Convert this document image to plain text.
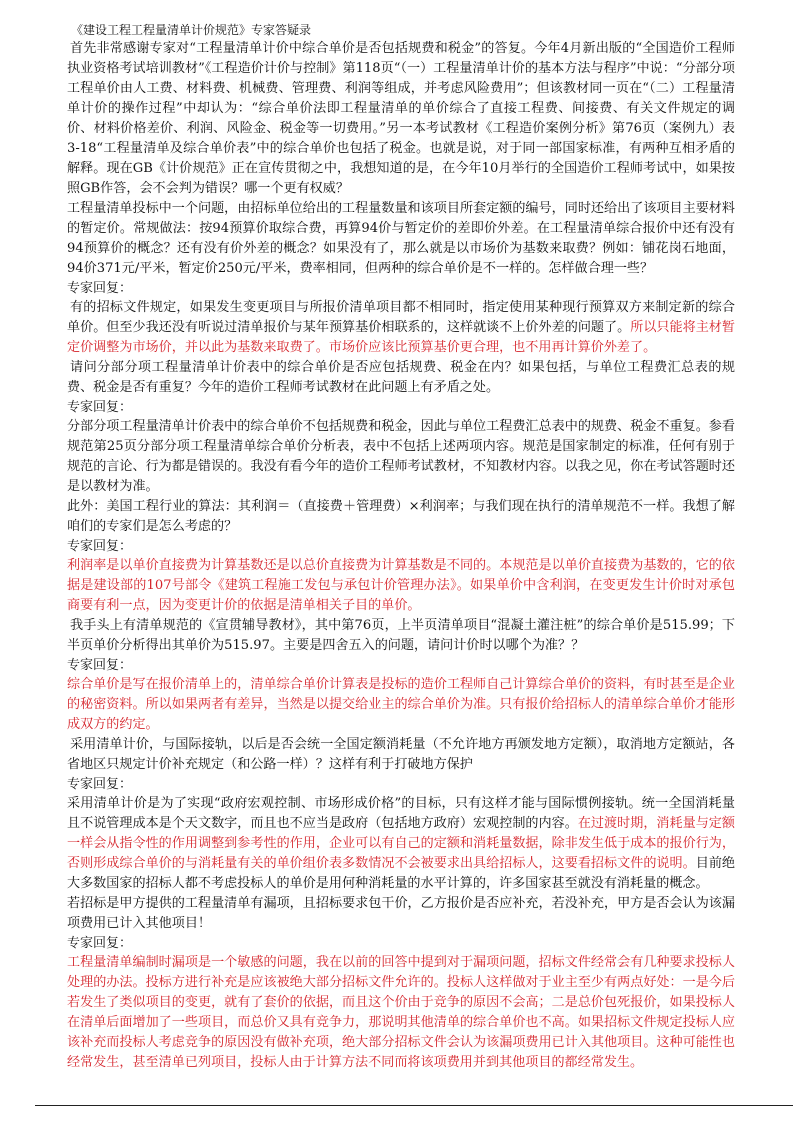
《建设工程工程量清单计价规范》专家答疑录

首先非常感谢专家对“工程量清单计价中综合单价是否包括规费和税金”的答复。今年4月新出版的“全国造价工程师执业资格考试培训教材”《工程造价计价与控制》第118页“（一）工程量清单计价的基本方法与程序”中说：“分部分项工程单价由人工费、材料费、机械费、管理费、利润等组成，并考虑风险费用”；但该教材同一页在“（二）工程量清单计价的操作过程”中却认为：“综合单价法即工程量清单的单价综合了直接工程费、间接费、有关文件规定的调价、材料价格差价、利润、风险金、税金等一切费用。”另一本考试教材《工程造价案例分析》第76页（案例九）表3-18“工程量清单及综合单价表”中的综合单价也包括了税金。也就是说，对于同一部国家标准，有两种互相矛盾的解释。现在GB《计价规范》正在宣传贯彻之中，我想知道的是，在今年10月举行的全国造价工程师考试中，如果按照GB作答，会不会判为错误？哪一个更有权威？

工程量清单投标中一个问题，由招标单位给出的工程量数量和该项目所套定额的编号，同时还给出了该项目主要材料的暂定价。常规做法：按94预算价取综合费，再算94价与暂定价的差即价外差。在工程量清单综合报价中还有没有94预算价的概念？还有没有价外差的概念？如果没有了，那么就是以市场价为基数来取费？例如：铺花岗石地面，94价371元/平米，暂定价250元/平米，费率相同，但两种的综合单价是不一样的。怎样做合理一些？

专家回复：

有的招标文件规定，如果发生变更项目与所报价清单项目都不相同时，指定使用某种现行预算双方来制定新的综合单价。但至少我还没有听说过清单报价与某年预算基价相联系的，这样就谈不上价外差的问题了。所以只能将主材暂定价调整为市场价，并以此为基数来取费了。市场价应该比预算基价更合理，也不用再计算价外差了。

请问分部分项工程量清单计价表中的综合单价是否应包括规费、税金在内？如果包括，与单位工程费汇总表的规费、税金是否有重复？今年的造价工程师考试教材在此问题上有矛盾之处。

专家回复：

分部分项工程量清单计价表中的综合单价不包括规费和税金，因此与单位工程费汇总表中的规费、税金不重复。参看规范第25页分部分项工程量清单综合单价分析表，表中不包括上述两项内容。规范是国家制定的标准，任何有别于规范的言论、行为都是错误的。我没有看今年的造价工程师考试教材，不知教材内容。以我之见，你在考试答题时还是以教材为准。

此外：美国工程行业的算法：其利润＝（直接费＋管理费）×利润率；与我们现在执行的清单规范不一样。我想了解咱们的专家们是怎么考虑的？

专家回复：

利润率是以单价直接费为计算基数还是以总价直接费为计算基数是不同的。本规范是以单价直接费为基数的，它的依据是建设部的107号部令《建筑工程施工发包与承包计价管理办法》。如果单价中含利润，在变更发生计价时对承包商要有利一点，因为变更计价的依据是清单相关子目的单价。

我手头上有清单规范的《宣贯辅导教材》，其中第76页，上半页清单项目“混凝土灌注桩”的综合单价是515.99；下半页单价分析得出其单价为515.97。主要是四舍五入的问题，请问计价时以哪个为准？？

专家回复：

综合单价是写在报价清单上的，清单综合单价计算表是投标的造价工程师自己计算综合单价的资料，有时甚至是企业的秘密资料。所以如果两者有差异，当然是以提交给业主的综合单价为准。只有报价给招标人的清单综合单价才能形成双方的约定。

采用清单计价，与国际接轨，以后是否会统一全国定额消耗量（不允许地方再颁发地方定额），取消地方定额站，各省地区只规定计价补充规定（和公路一样）？这样有利于打破地方保护

专家回复：

采用清单计价是为了实现“政府宏观控制、市场形成价格”的目标，只有这样才能与国际惯例接轨。统一全国消耗量且不说管理成本是个天文数字，而且也不应当是政府（包括地方政府）宏观控制的内容。在过渡时期，消耗量与定额一样会从指令性的作用调整到参考性的作用，企业可以有自己的定额和消耗量数据，除非发生低于成本的报价行为，否则形成综合单价的与消耗量有关的单价组价表多数情况不会被要求出具给招标人，这要看招标文件的说明。目前绝大多数国家的招标人都不考虑投标人的单价是用何种消耗量的水平计算的，许多国家甚至就没有消耗量的概念。

若招标是甲方提供的工程量清单有漏项，且招标要求包干价，乙方报价是否应补充，若没补充，甲方是否会认为该漏项费用已计入其他项目！

专家回复：

工程量清单编制时漏项是一个敏感的问题，我在以前的回答中提到对于漏项问题，招标文件经常会有几种要求投标人处理的办法。投标方进行补充是应该被绝大部分招标文件允许的。投标人这样做对于业主至少有两点好处：一是今后若发生了类似项目的变更，就有了套价的依据，而且这个价由于竞争的原因不会高；二是总价包死报价，如果投标人在清单后面增加了一些项目，而总价又具有竞争力，那说明其他清单的综合单价也不高。如果招标文件规定投标人应该补充而投标人考虑竞争的原因没有做补充项，绝大部分招标文件会认为该漏项费用已计入其他项目。这种可能性也经常发生，甚至清单已列项目，投标人由于计算方法不同而将该项费用并到其他项目的都经常发生。
